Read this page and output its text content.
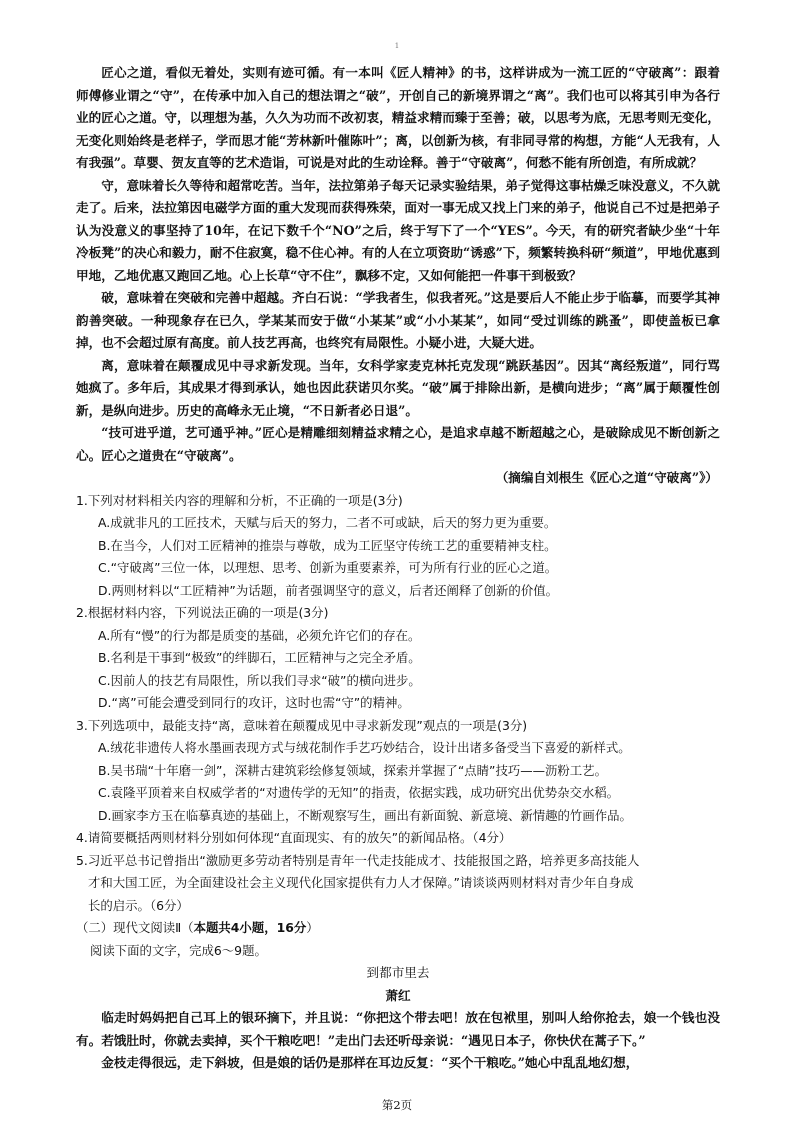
1

匠心之道，看似无着处，实则有迹可循。有一本叫《匠人精神》的书，这样讲成为一流工匠的“守破离”：跟着师傅修业谓之“守”，在传承中加入自己的想法谓之“破”，开创自己的新境界谓之“离”。我们也可以将其引申为各行业的匠心之道。守，以理想为基，久久为功而不改初衷，精益求精而臻于至善；破，以思考为底，无思考则无变化，无变化则始终是老样子，学而思才能“芳林新叶催陈叶”；离，以创新为核，有非同寻常的构想，方能“人无我有，人有我强”。草婴、贺友直等的艺术造诣，可说是对此的生动诠释。善于“守破离”，何愁不能有所创造，有所成就？

守，意味着长久等待和超常吃苦。当年，法拉第弟子每天记录实验结果，弟子觉得这事枯燥乏味没意义，不久就走了。后来，法拉第因电磁学方面的重大发现而获得殊荣，面对一事无成又找上门来的弟子，他说自己不过是把弟子认为没意义的事坚持了10年，在记下数千个“NO”之后，终于写下了一个“YES”。今天，有的研究者缺少坐“十年冷板凳”的决心和毅力，耐不住寂寞，稳不住心神。有的人在立项资助“诱惑”下，频繁转换科研“频道”，甲地优惠到甲地，乙地优惠又跑回乙地。心上长草“守不住”，飘移不定，又如何能把一件事干到极致？

破，意味着在突破和完善中超越。齐白石说：“学我者生，似我者死。”这是要后人不能止步于临摹，而要学其神韵善突破。一种现象存在已久，学某某而安于做“小某某”或“小小某某”，如同“受过训练的跳蚤”，即使盖板已拿掉，也不会超过原有高度。前人技艺再高，也终究有局限性。小疑小进，大疑大进。

离，意味着在颠覆成见中寻求新发现。当年，女科学家麦克林托克发现“跳跃基因”。因其“离经叛道”，同行骂她疯了。多年后，其成果才得到承认，她也因此获诺贝尔奖。“破”属于排除出新，是横向进步；“离”属于颠覆性创新，是纵向进步。历史的高峰永无止境，“不日新者必日退”。

“技可进乎道，艺可通乎神。”匠心是精雕细刻精益求精之心，是追求卓越不断超越之心，是破除成见不断创新之心。匠心之道贵在“守破离”。

（摘编自刘根生《匠心之道“守破离”》）

1.下列对材料相关内容的理解和分析，不正确的一项是(3分)

A.成就非凡的工匠技术，天赋与后天的努力，二者不可或缺，后天的努力更为重要。

B.在当今，人们对工匠精神的推崇与尊敬，成为工匠坚守传统工艺的重要精神支柱。

C.“守破离”三位一体，以理想、思考、创新为重要素养，可为所有行业的匠心之道。

D.两则材料以“工匠精神”为话题，前者强调坚守的意义，后者还阐释了创新的价值。

2.根据材料内容，下列说法正确的一项是(3分)

A.所有“慢”的行为都是质变的基础，必须允许它们的存在。

B.名利是干事到“极致”的绊脚石，工匠精神与之完全矛盾。

C.因前人的技艺有局限性，所以我们寻求“破”的横向进步。

D.“离”可能会遭受到同行的攻讦，这时也需“守”的精神。

3.下列选项中，最能支持“离，意味着在颠覆成见中寻求新发现”观点的一项是(3分)

A.绒花非遗传人将水墨画表现方式与绒花制作手艺巧妙结合，设计出诸多备受当下喜爱的新样式。

B.吴书瑞“十年磨一剑”，深耕古建筑彩绘修复领域，探索并掌握了“点睛”技巧——沥粉工艺。

C.袁隆平顶着来自权威学者的“对遗传学的无知”的指责，依据实践，成功研究出优势杂交水稻。

D.画家李方玉在临摹真迹的基础上，不断观察写生，画出有新面貌、新意境、新情趣的竹画作品。

4.请简要概括两则材料分别如何体现“直面现实、有的放矢”的新闻品格。（4分）

5.习近平总书记曾指出“激励更多劳动者特别是青年一代走技能成才、技能报国之路，培养更多高技能人

才和大国工匠，为全面建设社会主义现代化国家提供有力人才保障。”请谈谈两则材料对青少年自身成

长的启示。（6分）

（二）现代文阅读Ⅱ（本题共4小题，16分）

阅读下面的文字，完成6～9题。

到都市里去

萧红

临走时妈妈把自己耳上的银环摘下，并且说：“你把这个带去吧！放在包袱里，别叫人给你抢去，娘一个钱也没有。若饿肚时，你就去卖掉，买个干粮吃吧！”走出门去还听母亲说：“遇见日本子，你快伏在蒿子下。”

金枝走得很远，走下斜坡，但是娘的话仍是那样在耳边反复：“买个干粮吃。”她心中乱乱地幻想，

第2页
